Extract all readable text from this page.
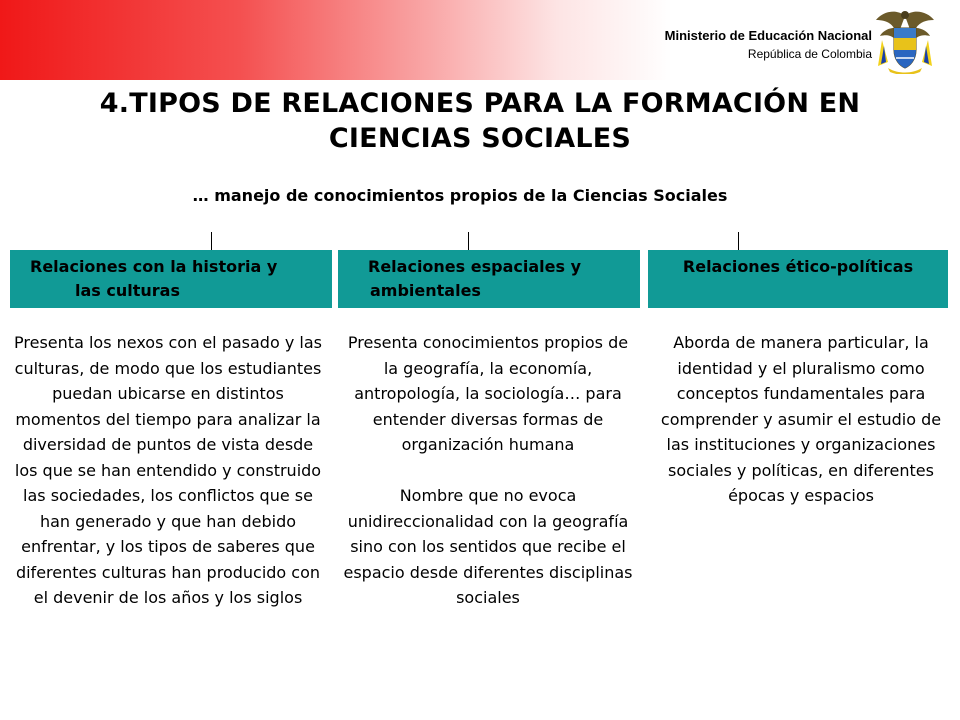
Ministerio de Educación Nacional
República de Colombia
4.TIPOS DE RELACIONES PARA LA FORMACIÓN EN
CIENCIAS SOCIALES
… manejo de conocimientos propios de la Ciencias Sociales
Relaciones con la historia y
las culturas
Relaciones espaciales y
ambientales
Relaciones ético-políticas

Presenta los nexos con el pasado y las culturas, de modo que los estudiantes puedan ubicarse en distintos momentos del tiempo para analizar la diversidad de puntos de vista desde los que se han entendido y construido las sociedades, los conflictos que se han generado y que han debido enfrentar, y los tipos de saberes que diferentes culturas han producido con el devenir de los años y los siglos

Presenta conocimientos propios de la geografía, la economía, antropología, la sociología… para entender diversas formas de organización humana

Nombre que no evoca unidireccionalidad con la geografía sino con los sentidos que recibe el espacio desde diferentes disciplinas sociales

Aborda de manera particular, la identidad y el pluralismo como conceptos fundamentales para comprender y asumir el estudio de las instituciones y organizaciones sociales y políticas, en diferentes épocas y espacios
